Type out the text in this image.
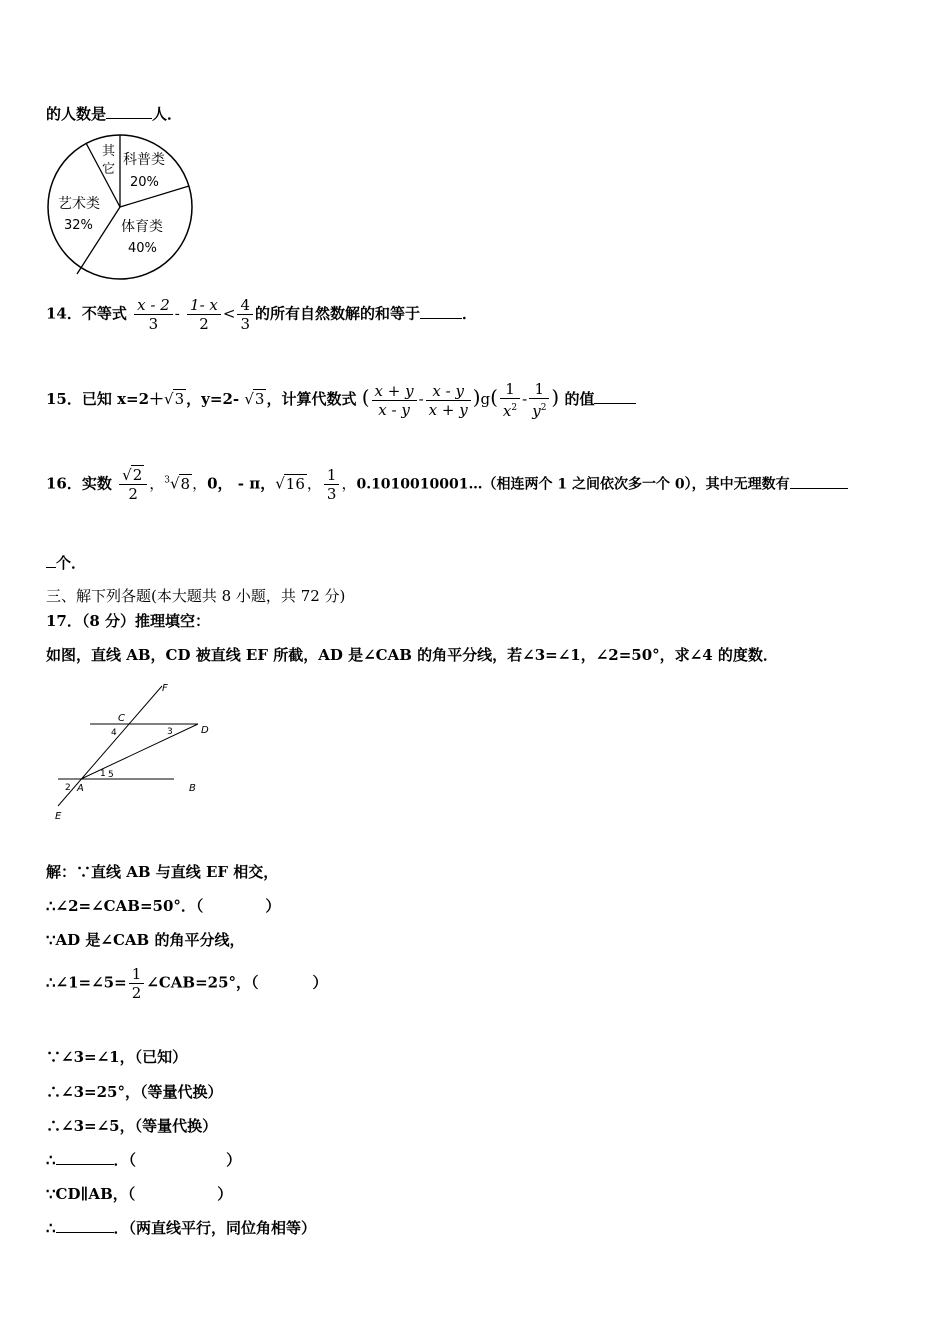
的人数是	人．
科普类
20%
体育类
40%
艺术类
32%
其
它
14．不等式 $\frac{x - 2}{3} - \frac{1- x}{2} < \frac{4}{3}$ 的所有自然数解的和等于	．
15．已知 x=2＋√3 ，y=2- √3 ，计算代数式 ( $\frac{x + y}{x - y} - \frac{x - y}{x + y} )g( \frac{1}{x^2} - \frac{1}{y^2}$ ) 的值
16．实数 $\frac{√2}{2}$ ，$^3$√8 ，0， - π，√16 ， $\frac{1}{3}$ ，0.1010010001…（相连两个 1 之间依次多一个 0），其中无理数有
个．
三、解下列各题(本大题共 8 小题，共 72 分)
17．（8 分）推理填空：
如图，直线 AB，CD 被直线 EF 所截，AD 是∠CAB 的角平分线，若∠3=∠1，∠2=50°，求∠4 的度数．
F
C
D
A	B
E
1
2
3
4
5
解：∵直线 AB 与直线 EF 相交，
∴∠2=∠CAB=50°．（	）
∵AD 是∠CAB 的角平分线，
∴∠1=∠5= $\frac{1}{2}$ ∠CAB=25°，（	）
∵∠3=∠1，（已知）
∴∠3=25°，（等量代换）
∴∠3=∠5，（等量代换）
∴	．（	）
∵CD∥AB，（	）
∴	．（两直线平行，同位角相等）
